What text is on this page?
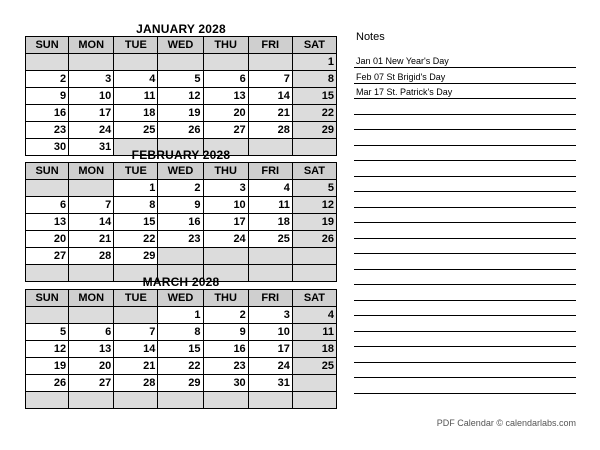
JANUARY 2028
SUN	MON	TUE	WED	THU	FRI	SAT
						1
2	3	4	5	6	7	8
9	10	11	12	13	14	15
16	17	18	19	20	21	22
23	24	25	26	27	28	29
30	31					
FEBRUARY 2028
SUN	MON	TUE	WED	THU	FRI	SAT
		1	2	3	4	5
6	7	8	9	10	11	12
13	14	15	16	17	18	19
20	21	22	23	24	25	26
27	28	29				

MARCH 2028
SUN	MON	TUE	WED	THU	FRI	SAT
			1	2	3	4
5	6	7	8	9	10	11
12	13	14	15	16	17	18
19	20	21	22	23	24	25
26	27	28	29	30	31	

Notes
Jan 01 New Year's Day
Feb 07 St Brigid's Day
Mar 17 St. Patrick's Day
PDF Calendar © calendarlabs.com
